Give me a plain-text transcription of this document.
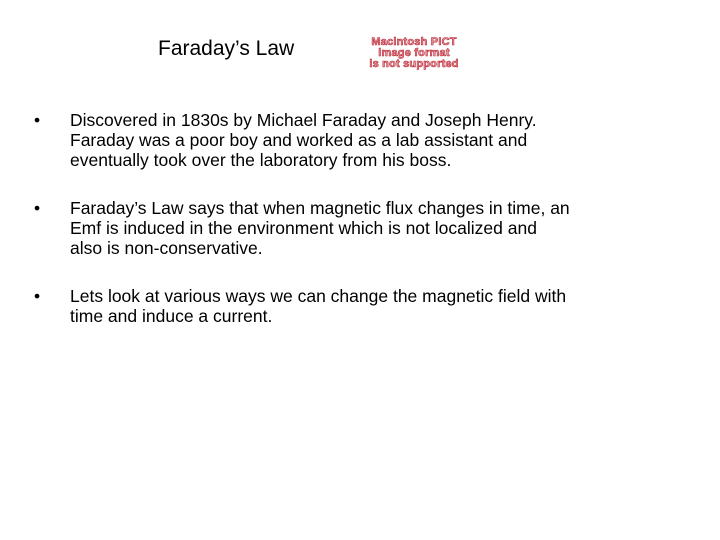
Faraday’s Law	Macintosh PICT
image format
is not supported
•	Discovered in 1830s by Michael Faraday and Joseph Henry.
Faraday was a poor boy and worked as a lab assistant and
eventually took over the laboratory from his boss.
•	Faraday’s Law says that when magnetic flux changes in time, an
Emf is induced in the environment which is not localized and
also is non-conservative.
•	Lets look at various ways we can change the magnetic field with
time and induce a current.
